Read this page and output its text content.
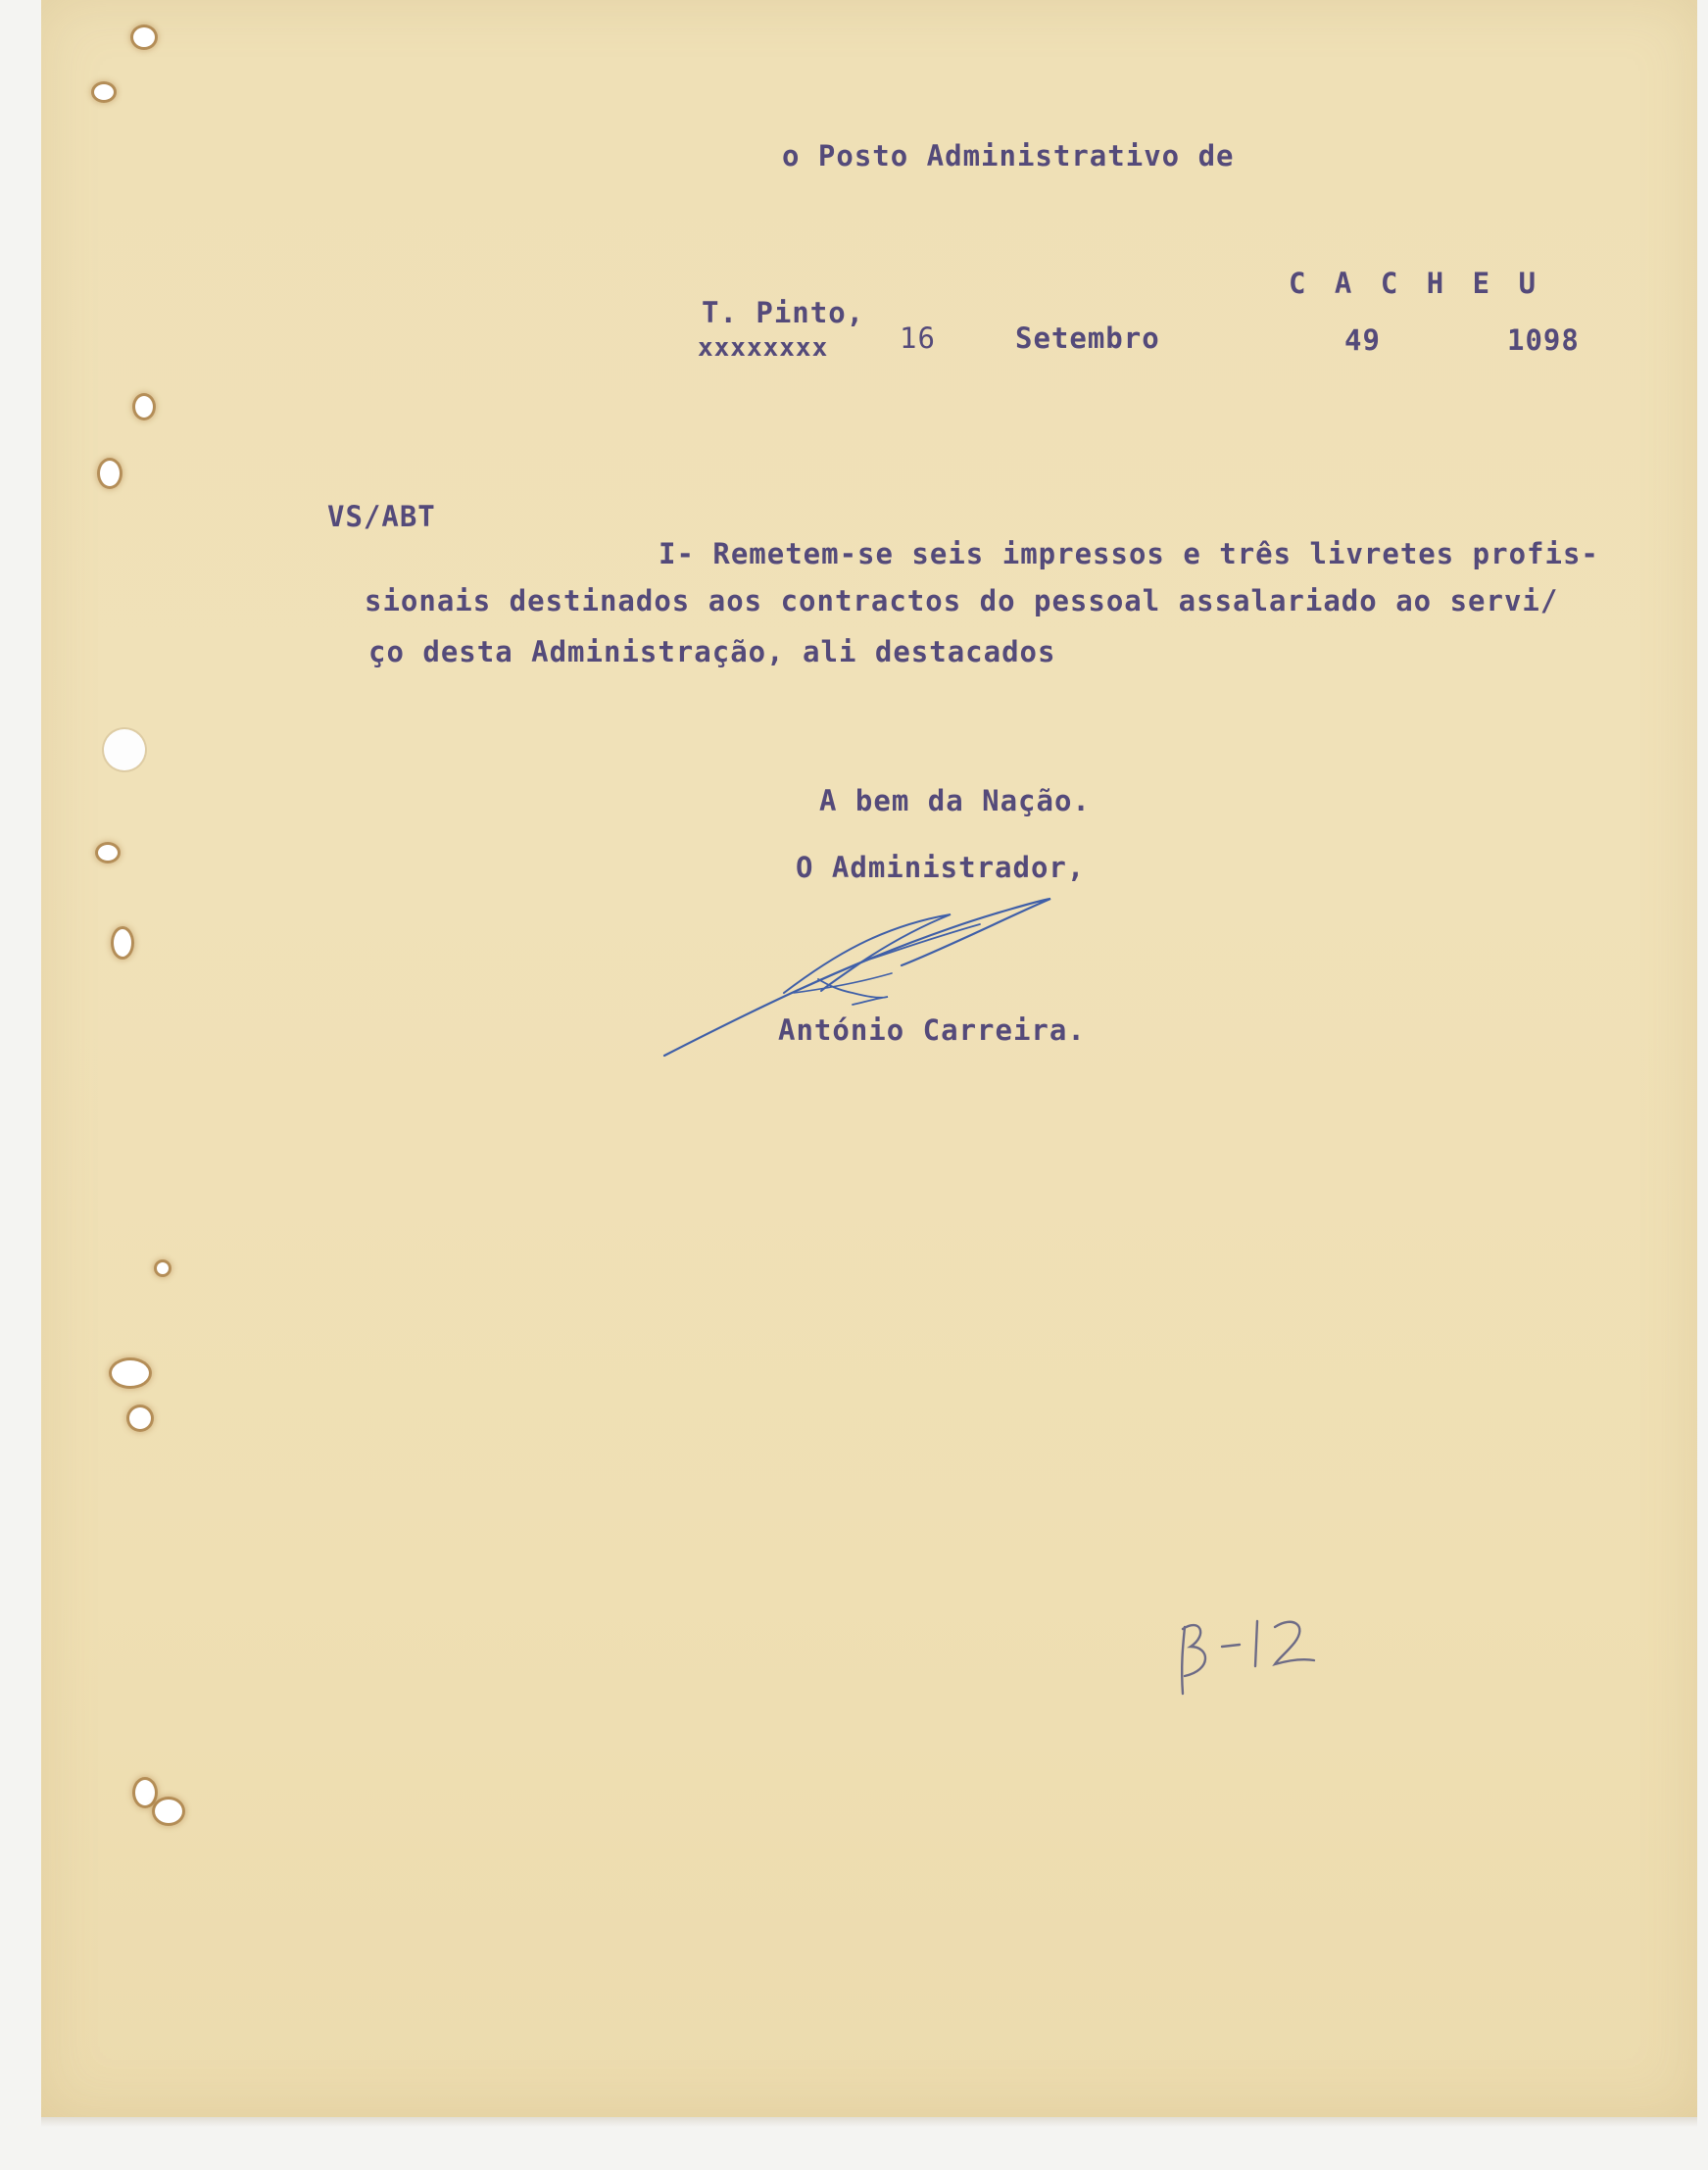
o Posto Administrativo de
C A C H E U
T. Pinto,
xxxxxxxx	16	Setembro	49	1098
VS/ABT
I- Remetem-se seis impressos e três livretes profis-
sionais destinados aos contractos do pessoal assalariado ao servi/
ço desta Administração, ali destacados
A bem da Nação.
O Administrador,
António Carreira.
B-12
